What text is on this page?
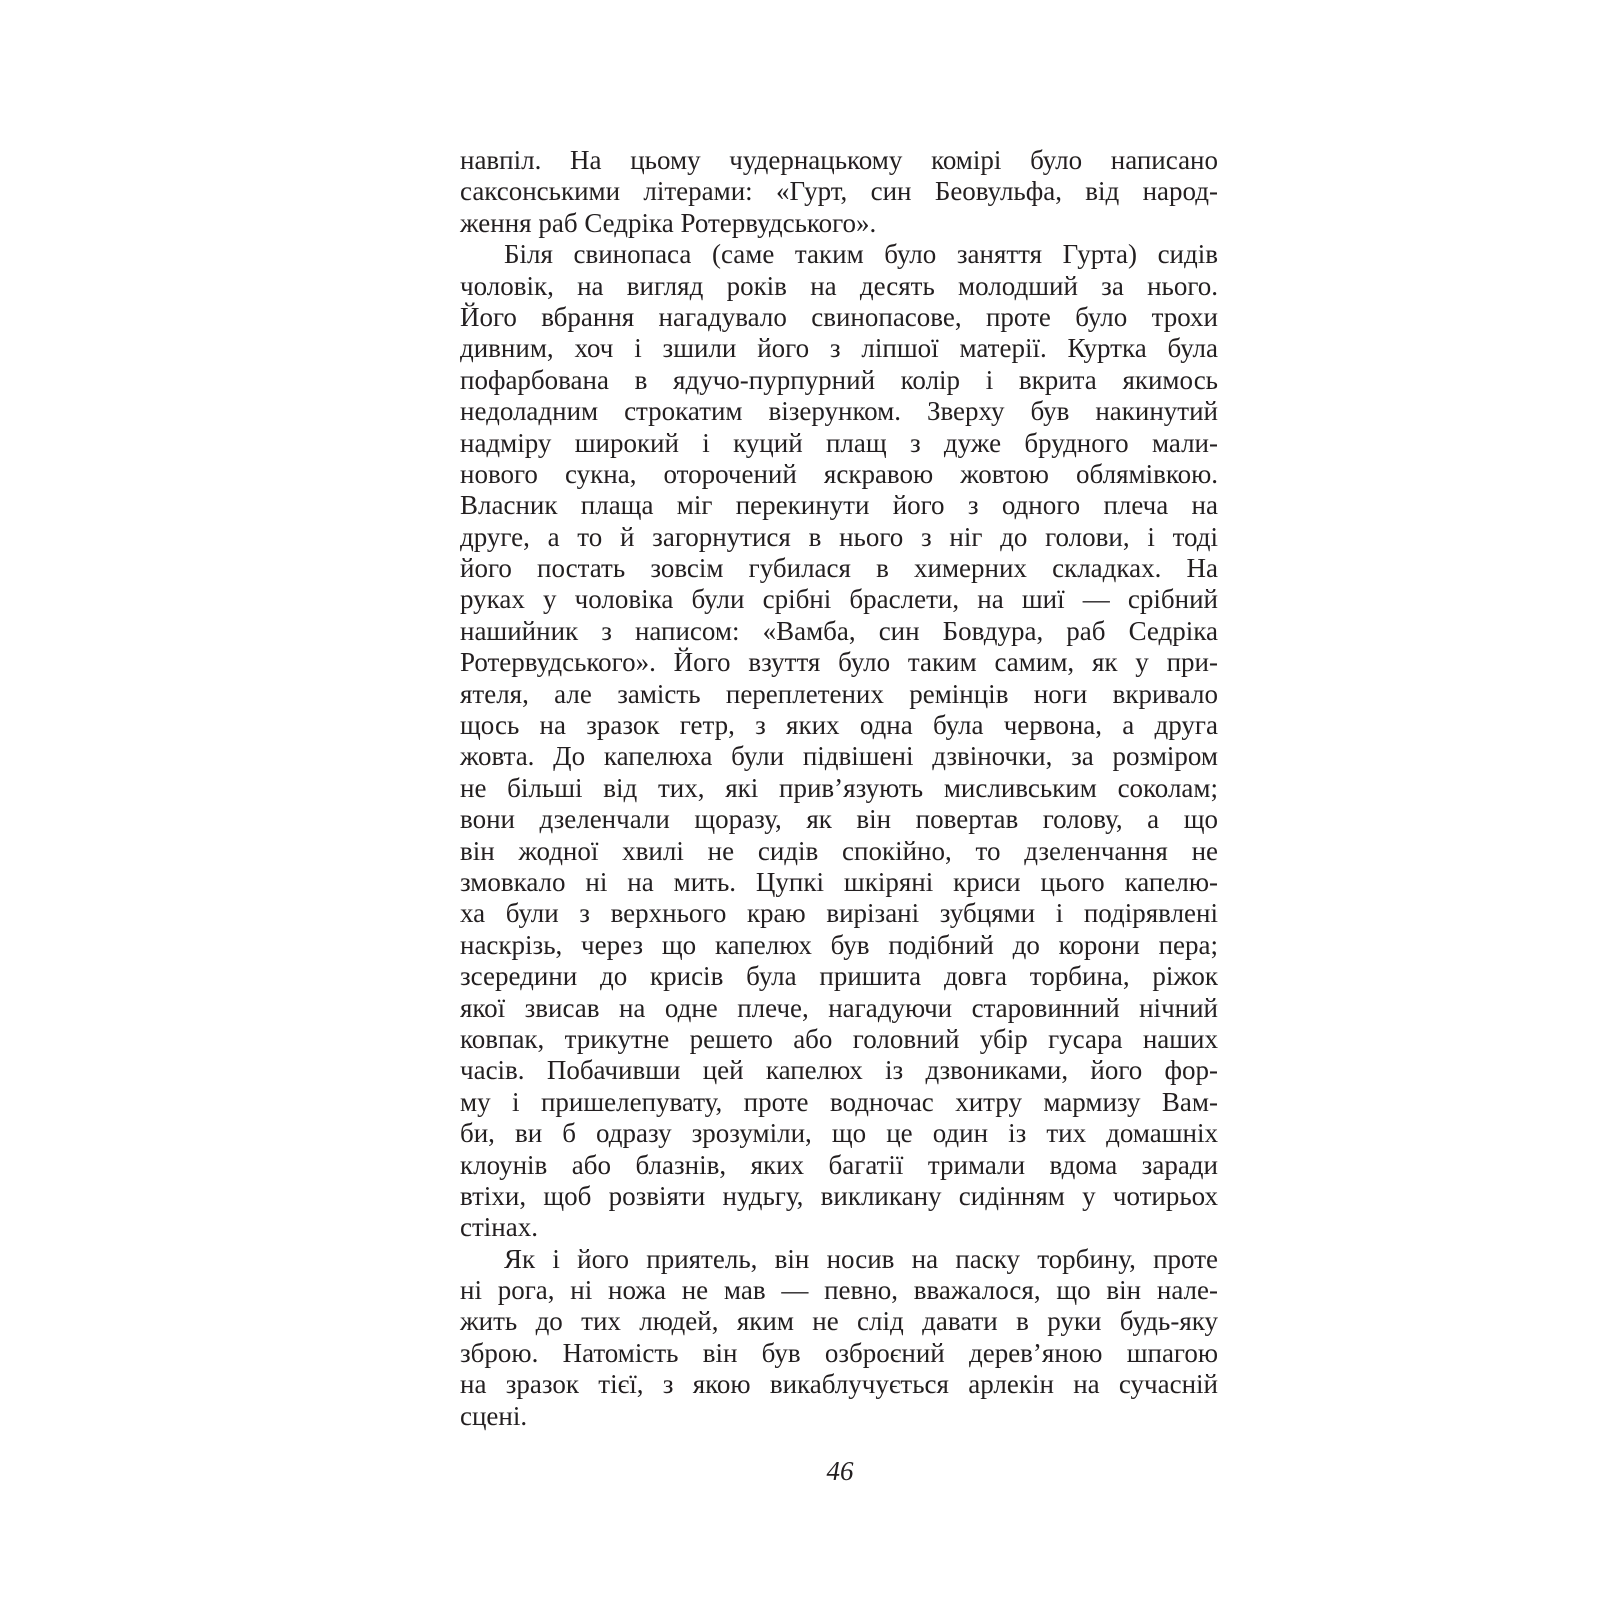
навпіл. На цьому чудернацькому комірі було написано
саксонськими літерами: «Гурт, син Беовульфа, від народ-
ження раб Седріка Ротервудського».
Біля свинопаса (саме таким було заняття Гурта) сидів
чоловік, на вигляд років на десять молодший за нього.
Його вбрання нагадувало свинопасове, проте було трохи
дивним, хоч і зшили його з ліпшої матерії. Куртка була
пофарбована в ядучо-пурпурний колір і вкрита якимось
недоладним строкатим візерунком. Зверху був накинутий
надміру широкий і куций плащ з дуже брудного мали-
нового сукна, оторочений яскравою жовтою облямівкою.
Власник плаща міг перекинути його з одного плеча на
друге, а то й загорнутися в нього з ніг до голови, і тоді
його постать зовсім губилася в химерних складках. На
руках у чоловіка були срібні браслети, на шиї — срібний
нашийник з написом: «Вамба, син Бовдура, раб Седріка
Ротервудського». Його взуття було таким самим, як у при-
ятеля, але замість переплетених ремінців ноги вкривало
щось на зразок гетр, з яких одна була червона, а друга
жовта. До капелюха були підвішені дзвіночки, за розміром
не більші від тих, які прив’язують мисливським соколам;
вони дзеленчали щоразу, як він повертав голову, а що
він жодної хвилі не сидів спокійно, то дзеленчання не
змовкало ні на мить. Цупкі шкіряні криси цього капелю-
ха були з верхнього краю вирізані зубцями і подірявлені
наскрізь, через що капелюх був подібний до корони пера;
зсередини до крисів була пришита довга торбина, ріжок
якої звисав на одне плече, нагадуючи старовинний нічний
ковпак, трикутне решето або головний убір гусара наших
часів. Побачивши цей капелюх із дзвониками, його фор-
му і пришелепувату, проте водночас хитру мармизу Вам-
би, ви б одразу зрозуміли, що це один із тих домашніх
клоунів або блазнів, яких багатії тримали вдома заради
втіхи, щоб розвіяти нудьгу, викликану сидінням у чотирьох
стінах.
Як і його приятель, він носив на паску торбину, проте
ні рога, ні ножа не мав — певно, вважалося, що він нале-
жить до тих людей, яким не слід давати в руки будь-яку
зброю. Натомість він був озброєний дерев’яною шпагою
на зразок тієї, з якою викаблучується арлекін на сучасній
сцені.
46
